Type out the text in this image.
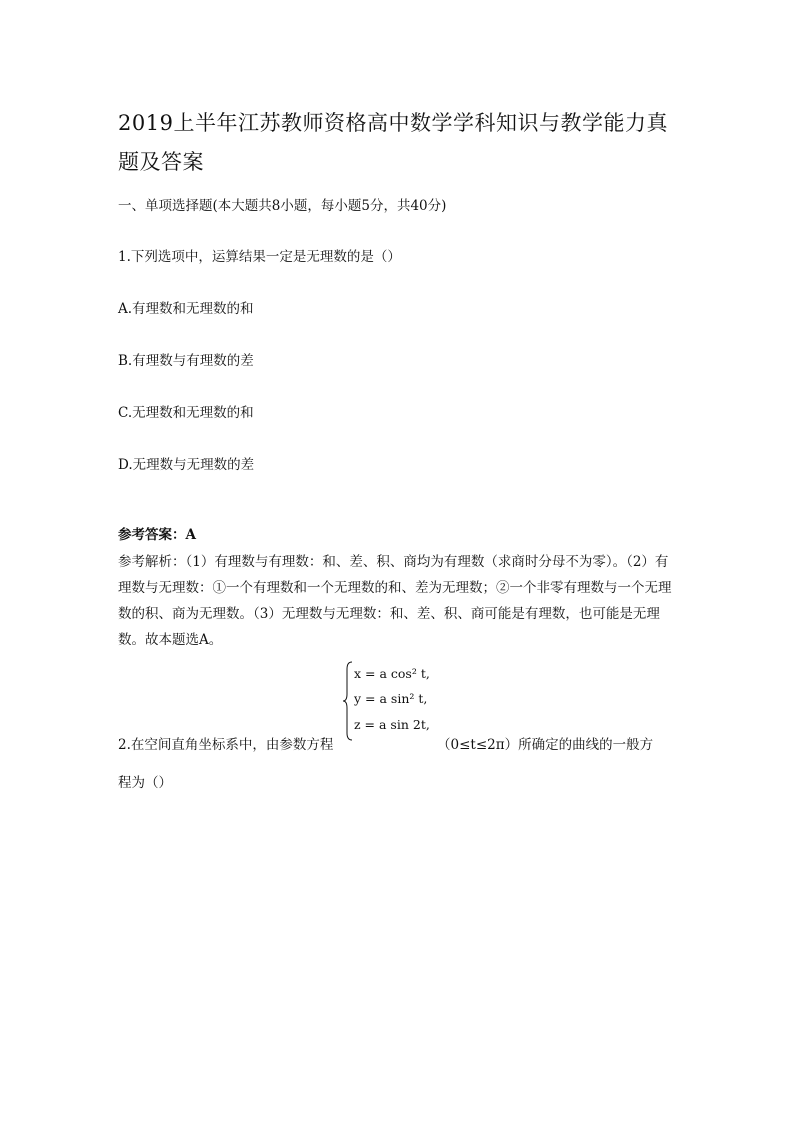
2019上半年江苏教师资格高中数学学科知识与教学能力真
题及答案
一、单项选择题(本大题共8小题，每小题5分，共40分)
1.下列选项中，运算结果一定是无理数的是（）
A.有理数和无理数的和
B.有理数与有理数的差
C.无理数和无理数的和
D.无理数与无理数的差
参考答案：A
参考解析：（1）有理数与有理数：和、差、积、商均为有理数（求商时分母不为零）。（2）有理数与无理数：①一个有理数和一个无理数的和、差为无理数；②一个非零有理数与一个无理数的积、商为无理数。（3）无理数与无理数：和、差、积、商可能是有理数，也可能是无理数。故本题选A。
x = a cos² t,
y = a sin² t,
z = a sin 2t,
2.在空间直角坐标系中，由参数方程	（0≤t≤2π）所确定的曲线的一般方
程为（）
